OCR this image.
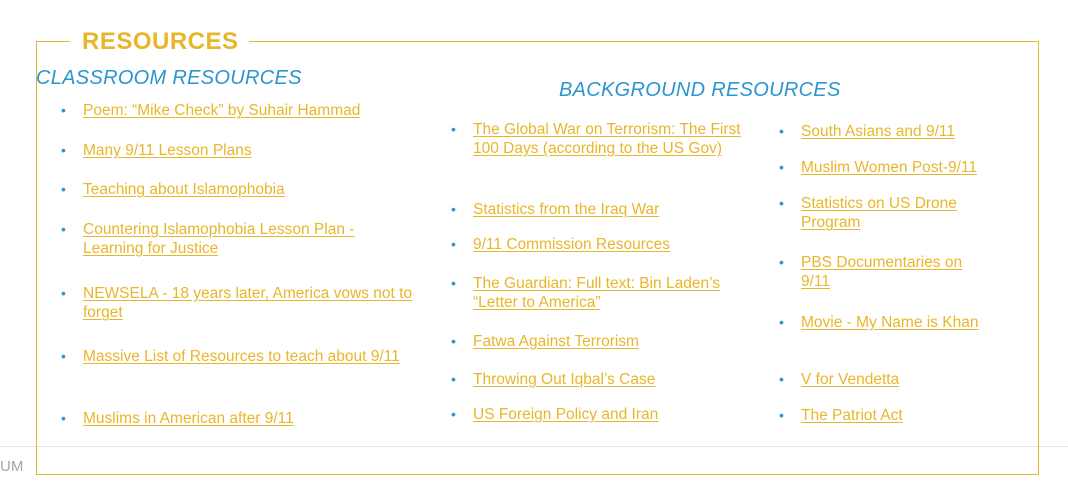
UM
RESOURCES
CLASSROOM RESOURCES
• Poem: “Mike Check” by Suhair Hammad
• Many 9/11 Lesson Plans
• Teaching about Islamophobia
• Countering Islamophobia Lesson Plan - Learning for Justice
• NEWSELA - 18 years later, America vows not to forget
• Massive List of Resources to teach about 9/11
• Muslims in American after 9/11
BACKGROUND RESOURCES
• The Global War on Terrorism: The First 100 Days (according to the US Gov)
• Statistics from the Iraq War
• 9/11 Commission Resources
• The Guardian: Full text: Bin Laden’s “Letter to America”
• Fatwa Against Terrorism
• Throwing Out Iqbal’s Case
• US Foreign Policy and Iran
• South Asians and 9/11
• Muslim Women Post-9/11
• Statistics on US Drone Program
• PBS Documentaries on 9/11
• Movie - My Name is Khan
• V for Vendetta
• The Patriot Act
